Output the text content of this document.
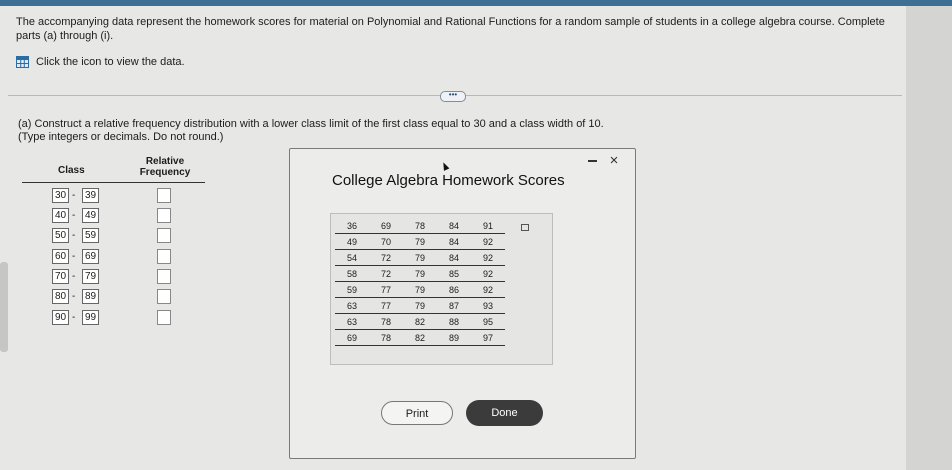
The accompanying data represent the homework scores for material on Polynomial and Rational Functions for a random sample of students in a college algebra course. Complete parts (a) through (i).
Click the icon to view the data.
•••
(a) Construct a relative frequency distribution with a lower class limit of the first class equal to 30 and a class width of 10.
(Type integers or decimals. Do not round.)
Class
Relative
Frequency
30 - 39
40 - 49
50 - 59
60 - 69
70 - 79
80 - 89
90 - 99
×
College Algebra Homework Scores
36	69	78	84	91
49	70	79	84	92
54	72	79	84	92
58	72	79	85	92
59	77	79	86	92
63	77	79	87	93
63	78	82	88	95
69	78	82	89	97
Print	Done
